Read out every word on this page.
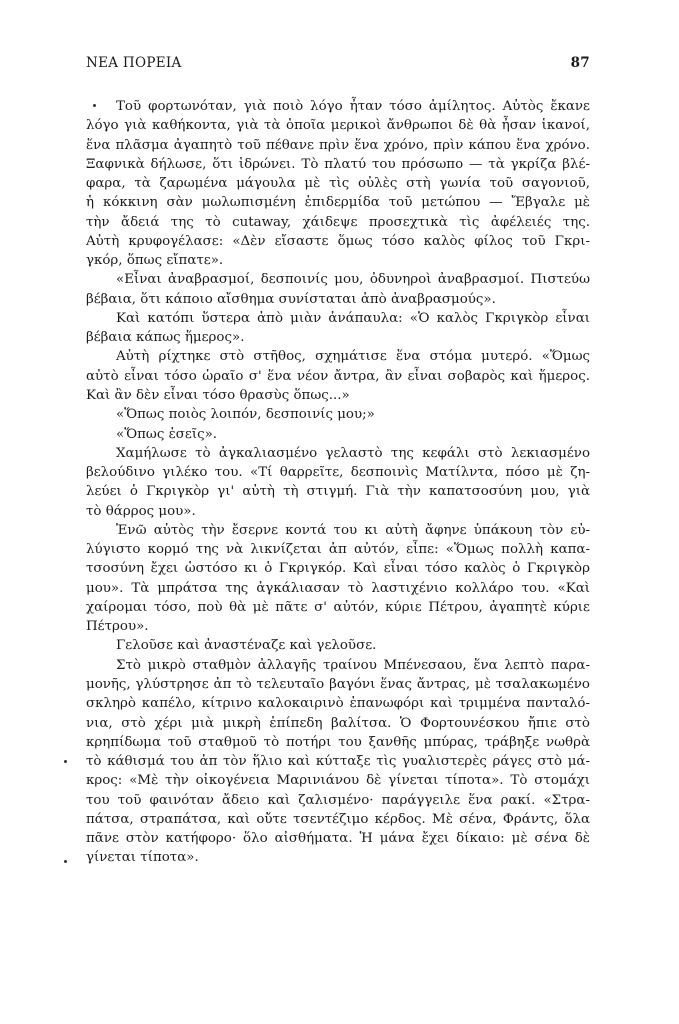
ΝΕΑ ΠΟΡΕΙΑ	87
Τοῦ φορτωνόταν, γιὰ ποιὸ λόγο ἦταν τόσο ἀμίλητος. Αὐτὸς ἔκανε
λόγο γιὰ καθήκοντα, γιὰ τὰ ὁποῖα μερικοὶ ἄνθρωποι δὲ θὰ ἦσαν ἱκανοί,
ἕνα πλᾶσμα ἀγαπητὸ τοῦ πέθανε πρὶν ἕνα χρόνο, πρὶν κάπου ἕνα χρόνο.
Ξαφνικὰ δήλωσε, ὅτι ἱδρώνει. Τὸ πλατύ του πρόσωπο — τὰ γκρίζα βλέ-
φαρα, τὰ ζαρωμένα μάγουλα μὲ τὶς οὐλὲς στὴ γωνία τοῦ σαγονιοῦ,
ἡ κόκκινη σὰν μωλωπισμένη ἐπιδερμίδα τοῦ μετώπου — Ἔβγαλε μὲ
τὴν ἄδειά της τὸ cutaway, χάιδεψε προσεχτικὰ τὶς ἀφέλειές της.
Αὐτὴ κρυφογέλασε: «Δὲν εἴσαστε ὅμως τόσο καλὸς φίλος τοῦ Γκρι-
γκόρ, ὅπως εἴπατε».
«Εἶναι ἀναβρασμοί, δεσποινίς μου, ὀδυνηροὶ ἀναβρασμοί. Πιστεύω
βέβαια, ὅτι κάποιο αἴσθημα συνίσταται ἀπὸ ἀναβρασμούς».
Καὶ κατόπι ὕστερα ἀπὸ μιὰν ἀνάπαυλα: «Ὁ καλὸς Γκριγκὸρ εἶναι
βέβαια κάπως ἥμερος».
Αὐτὴ ρίχτηκε στὸ στῆθος, σχημάτισε ἕνα στόμα μυτερό. «Ὅμως
αὐτὸ εἶναι τόσο ὡραῖο σ' ἕνα νέον ἄντρα, ἂν εἶναι σοβαρὸς καὶ ἥμερος.
Καὶ ἂν δὲν εἶναι τόσο θρασὺς ὅπως...»
«Ὅπως ποιὸς λοιπόν, δεσποινίς μου;»
«Ὅπως ἐσεῖς».
Χαμήλωσε τὸ ἀγκαλιασμένο γελαστὸ της κεφάλι στὸ λεκιασμένο
βελούδινο γιλέκο του. «Τί θαρρεῖτε, δεσποινὶς Ματίλντα, πόσο μὲ ζη-
λεύει ὁ Γκριγκὸρ γι' αὐτὴ τὴ στιγμή. Γιὰ τὴν καπατσοσύνη μου, γιὰ
τὸ θάρρος μου».
Ἐνῶ αὐτὸς τὴν ἔσερνε κοντά του κι αὐτὴ ἄφηνε ὑπάκουη τὸν εὐ-
λύγιστο κορμό της νὰ λικνίζεται ἀπ αὐτόν, εἶπε: «Ὅμως πολλὴ καπα-
τσοσύνη ἔχει ὡστόσο κι ὁ Γκριγκόρ. Καὶ εἶναι τόσο καλὸς ὁ Γκριγκὸρ
μου». Τὰ μπράτσα της ἀγκάλιασαν τὸ λαστιχένιο κολλάρο του. «Καὶ
χαίρομαι τόσο, ποὺ θὰ μὲ πᾶτε σ' αὐτόν, κύριε Πέτρου, ἀγαπητὲ κύριε
Πέτρου».
Γελοῦσε καὶ ἀναστέναζε καὶ γελοῦσε.
Στὸ μικρὸ σταθμὸν ἀλλαγῆς τραίνου Μπένεσαου, ἕνα λεπτὸ παρα-
μονῆς, γλύστρησε ἀπ τὸ τελευταῖο βαγόνι ἕνας ἄντρας, μὲ τσαλακωμένο
σκληρὸ καπέλο, κίτρινο καλοκαιρινὸ ἐπανωφόρι καὶ τριμμένα πανταλό-
νια, στὸ χέρι μιὰ μικρὴ ἐπίπεδη βαλίτσα. Ὁ Φορτουνέσκου ἤπιε στὸ
κρηπίδωμα τοῦ σταθμοῦ τὸ ποτήρι του ξανθῆς μπύρας, τράβηξε νωθρὰ
τὸ κάθισμά του ἀπ τὸν ἥλιο καὶ κύτταξε τὶς γυαλιστερὲς ράγες στὸ μά-
κρος: «Μὲ τὴν οἰκογένεια Μαρινιάνου δὲ γίνεται τίποτα». Τὸ στομάχι
του τοῦ φαινόταν ἄδειο καὶ ζαλισμένο· παράγγειλε ἕνα ρακί. «Στρα-
πάτσα, στραπάτσα, καὶ οὔτε τσεντέζιμο κέρδος. Μὲ σένα, Φράντς, ὅλα
πᾶνε στὸν κατήφορο· ὅλο αἰσθήματα. Ἡ μάνα ἔχει δίκαιο: μὲ σένα δὲ
γίνεται τίποτα».
